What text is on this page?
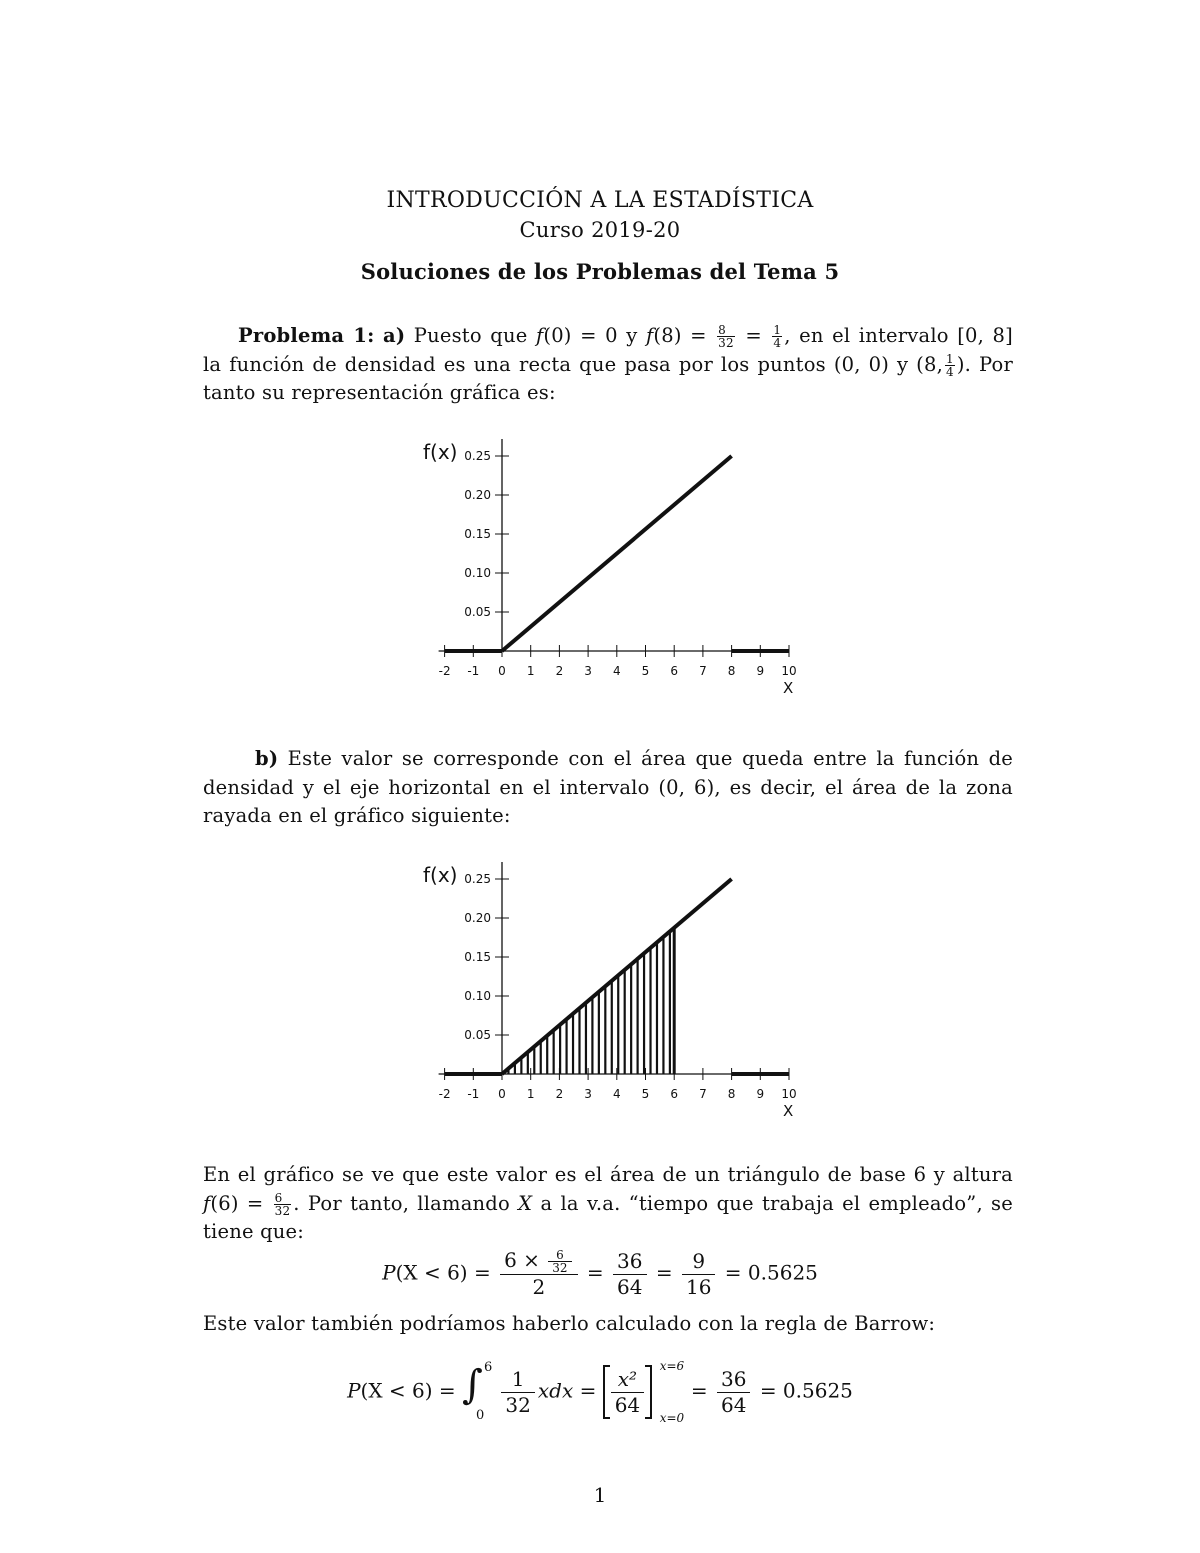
INTRODUCCIÓN A LA ESTADÍSTICA
Curso 2019-20
Soluciones de los Problemas del Tema 5
Problema 1: a) Puesto que f(0) = 0 y $f(8) = \frac{8}{32} = \frac{1}{4}$ , en el intervalo [0, 8]
la función de densidad es una recta que pasa por los puntos (0, 0) y (8, $\frac{1}{4}$ ). Por
tanto su representación gráfica es:
-2 -1 0 1 2 3 4 5 6 7 8 9 10
0.05
0.10
0.15
0.20
0.25
f(x)
X
b) Este valor se corresponde con el área que queda entre la función de
densidad y el eje horizontal en el intervalo (0, 6), es decir, el área de la zona
rayada en el gráfico siguiente:
-2 -1 0 1 2 3 4 5 6 7 8 9 10
0.05
0.10
0.15
0.20
0.25
f(x)
X
En el gráfico se ve que este valor es el área de un triángulo de base 6 y altura
$f(6) = \frac{6}{32}$ . Por tanto, llamando X a la v.a. “tiempo que trabaja el empleado”, se
tiene que:
$P(X < 6) = \frac{6 \times \frac{6}{32}}{2} = \frac{36}{64} = \frac{9}{16} = 0.5625$
Este valor también podríamos haberlo calculado con la regla de Barrow:
P(X < 6) = ∫ 6
0
$\frac{1}{32}$ xdx = $\frac{\text{x²}}{64}$
x=6
x=0
= $\frac{36}{64} = 0.5625$
1
